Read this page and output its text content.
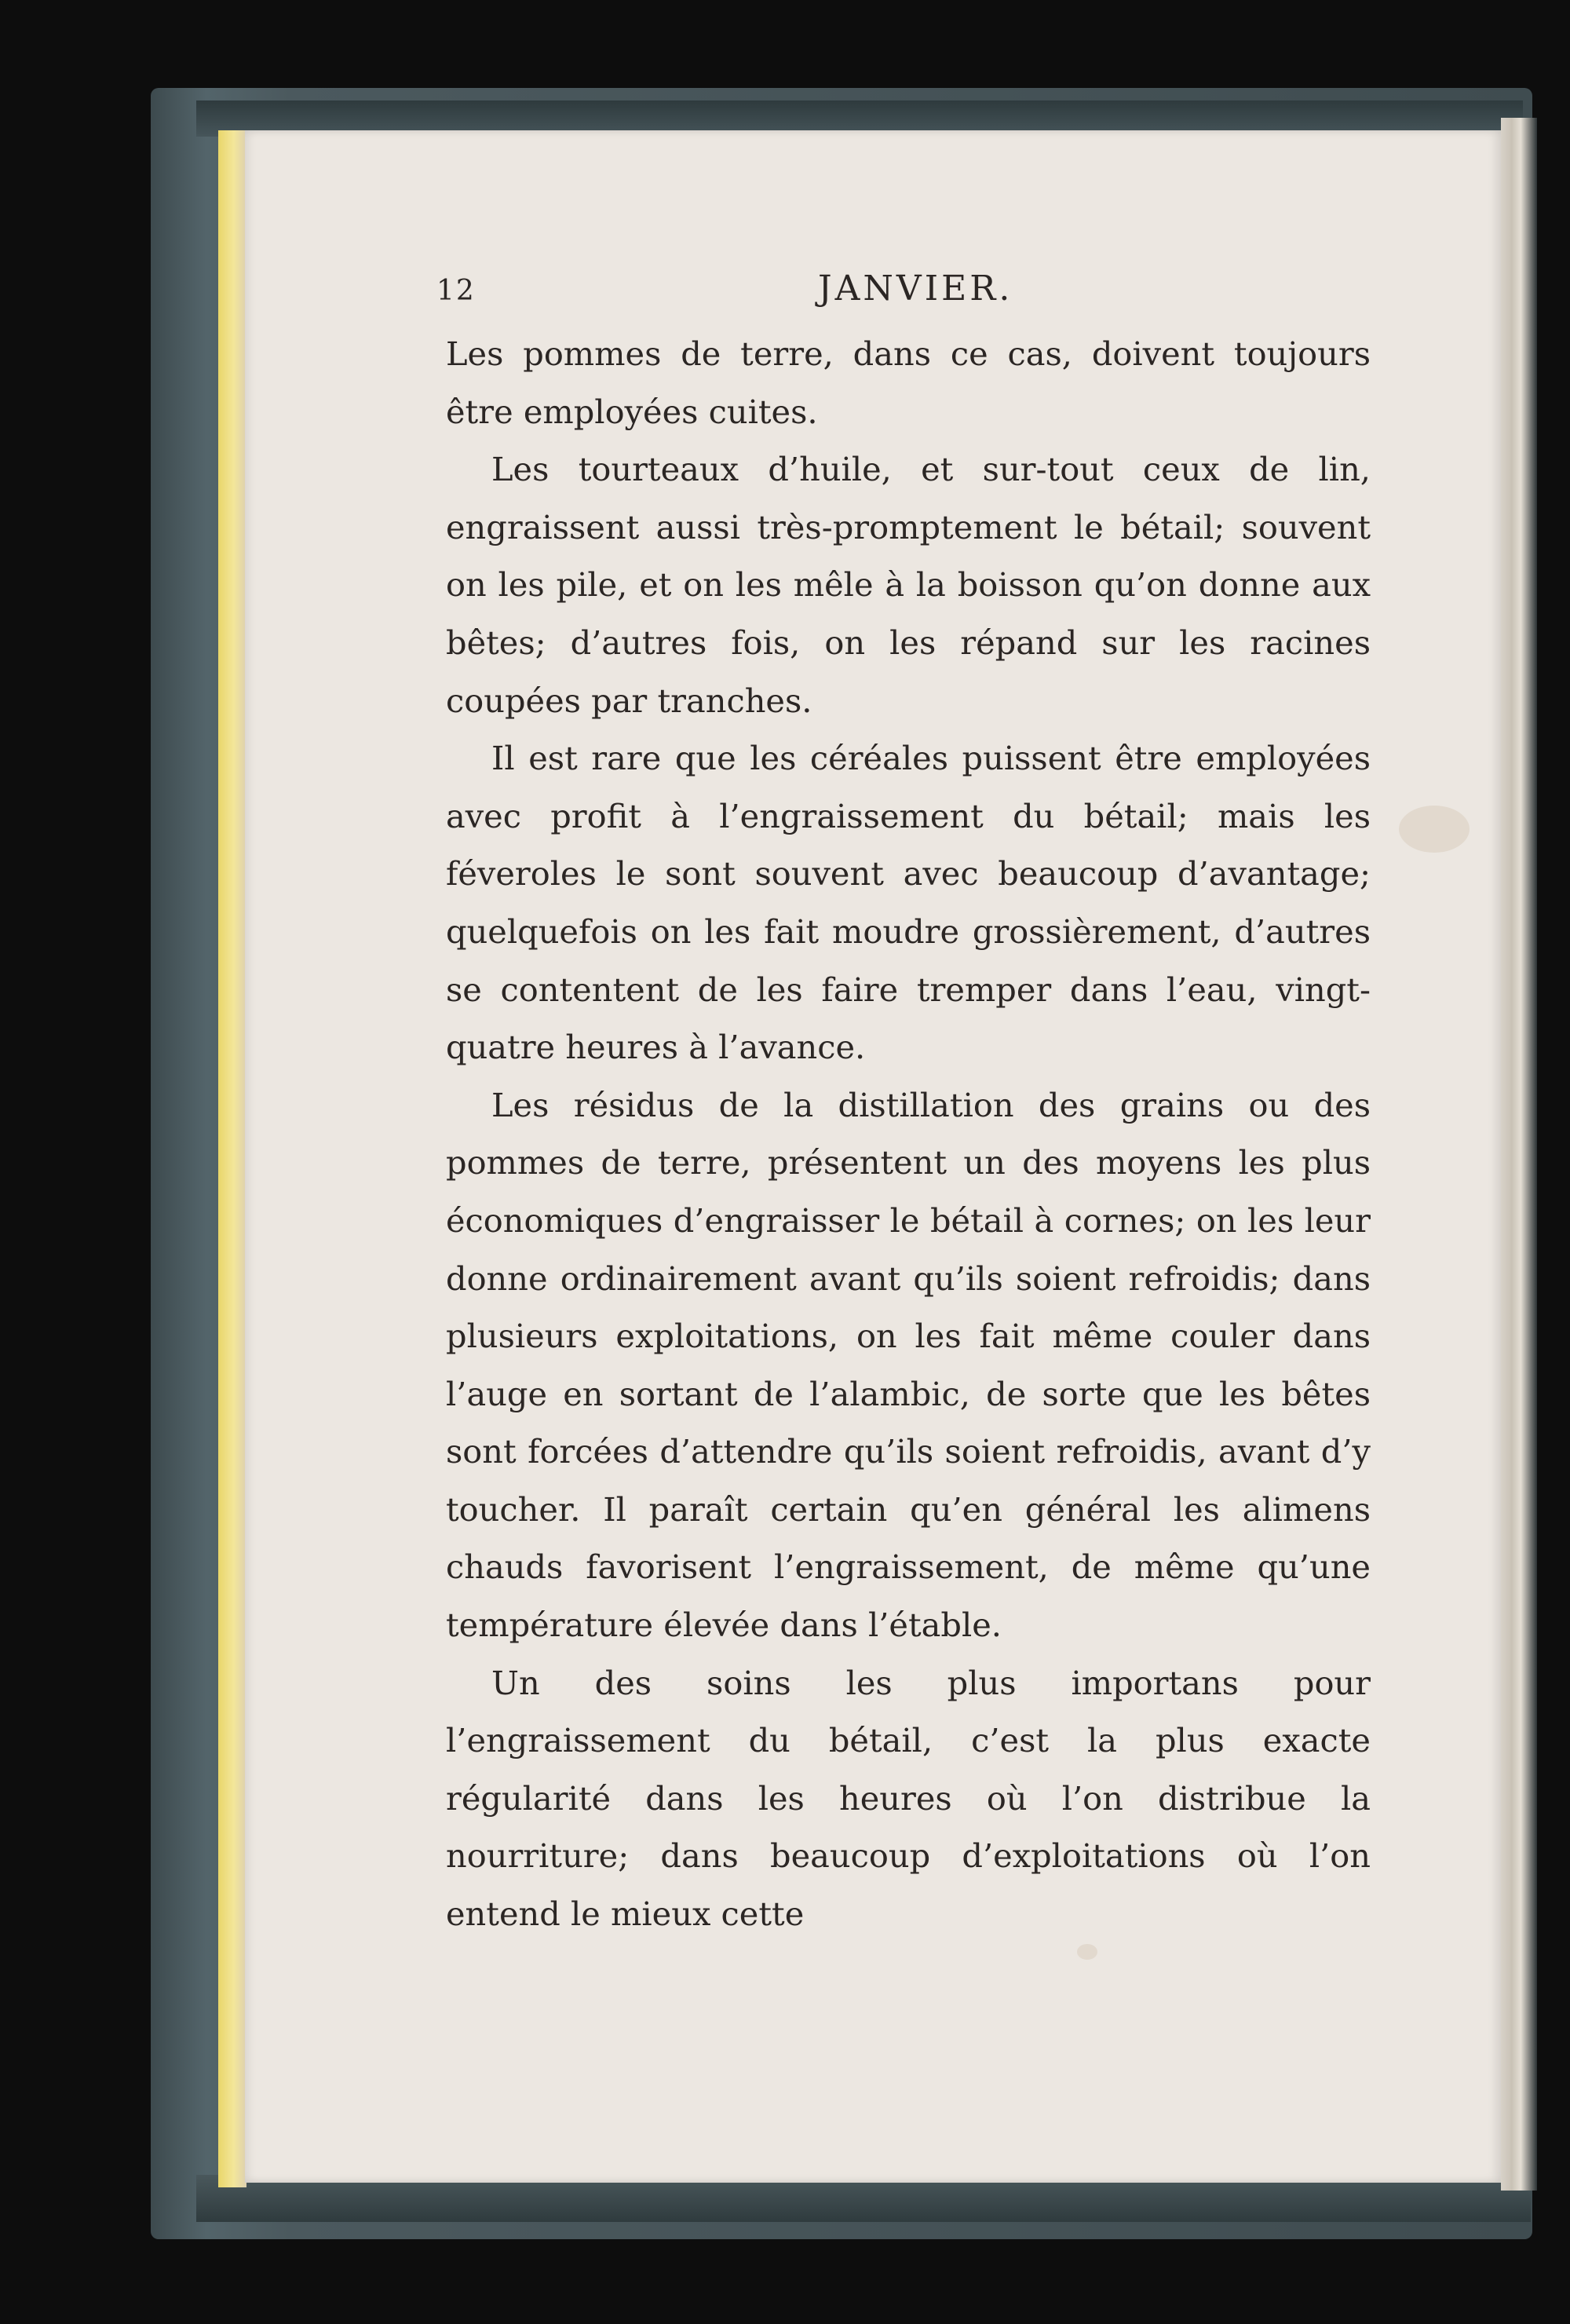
12	JANVIER.

Les pommes de terre, dans ce cas, doivent toujours être employées cuites.

Les tourteaux d’huile, et sur-tout ceux de lin, engraissent aussi très-promptement le bétail; souvent on les pile, et on les mêle à la boisson qu’on donne aux bêtes; d’autres fois, on les répand sur les racines coupées par tranches.

Il est rare que les céréales puissent être employées avec profit à l’engraissement du bétail; mais les féveroles le sont souvent avec beaucoup d’avantage; quelquefois on les fait moudre grossièrement, d’autres se contentent de les faire tremper dans l’eau, vingt-quatre heures à l’avance.

Les résidus de la distillation des grains ou des pommes de terre, présentent un des moyens les plus économiques d’engraisser le bétail à cornes; on les leur donne ordinairement avant qu’ils soient refroidis; dans plusieurs exploitations, on les fait même couler dans l’auge en sortant de l’alambic, de sorte que les bêtes sont forcées d’attendre qu’ils soient refroidis, avant d’y toucher. Il paraît certain qu’en général les alimens chauds favorisent l’engraissement, de même qu’une température élevée dans l’étable.

Un des soins les plus importans pour l’engraissement du bétail, c’est la plus exacte régularité dans les heures où l’on distribue la nourriture; dans beaucoup d’exploitations où l’on entend le mieux cette
